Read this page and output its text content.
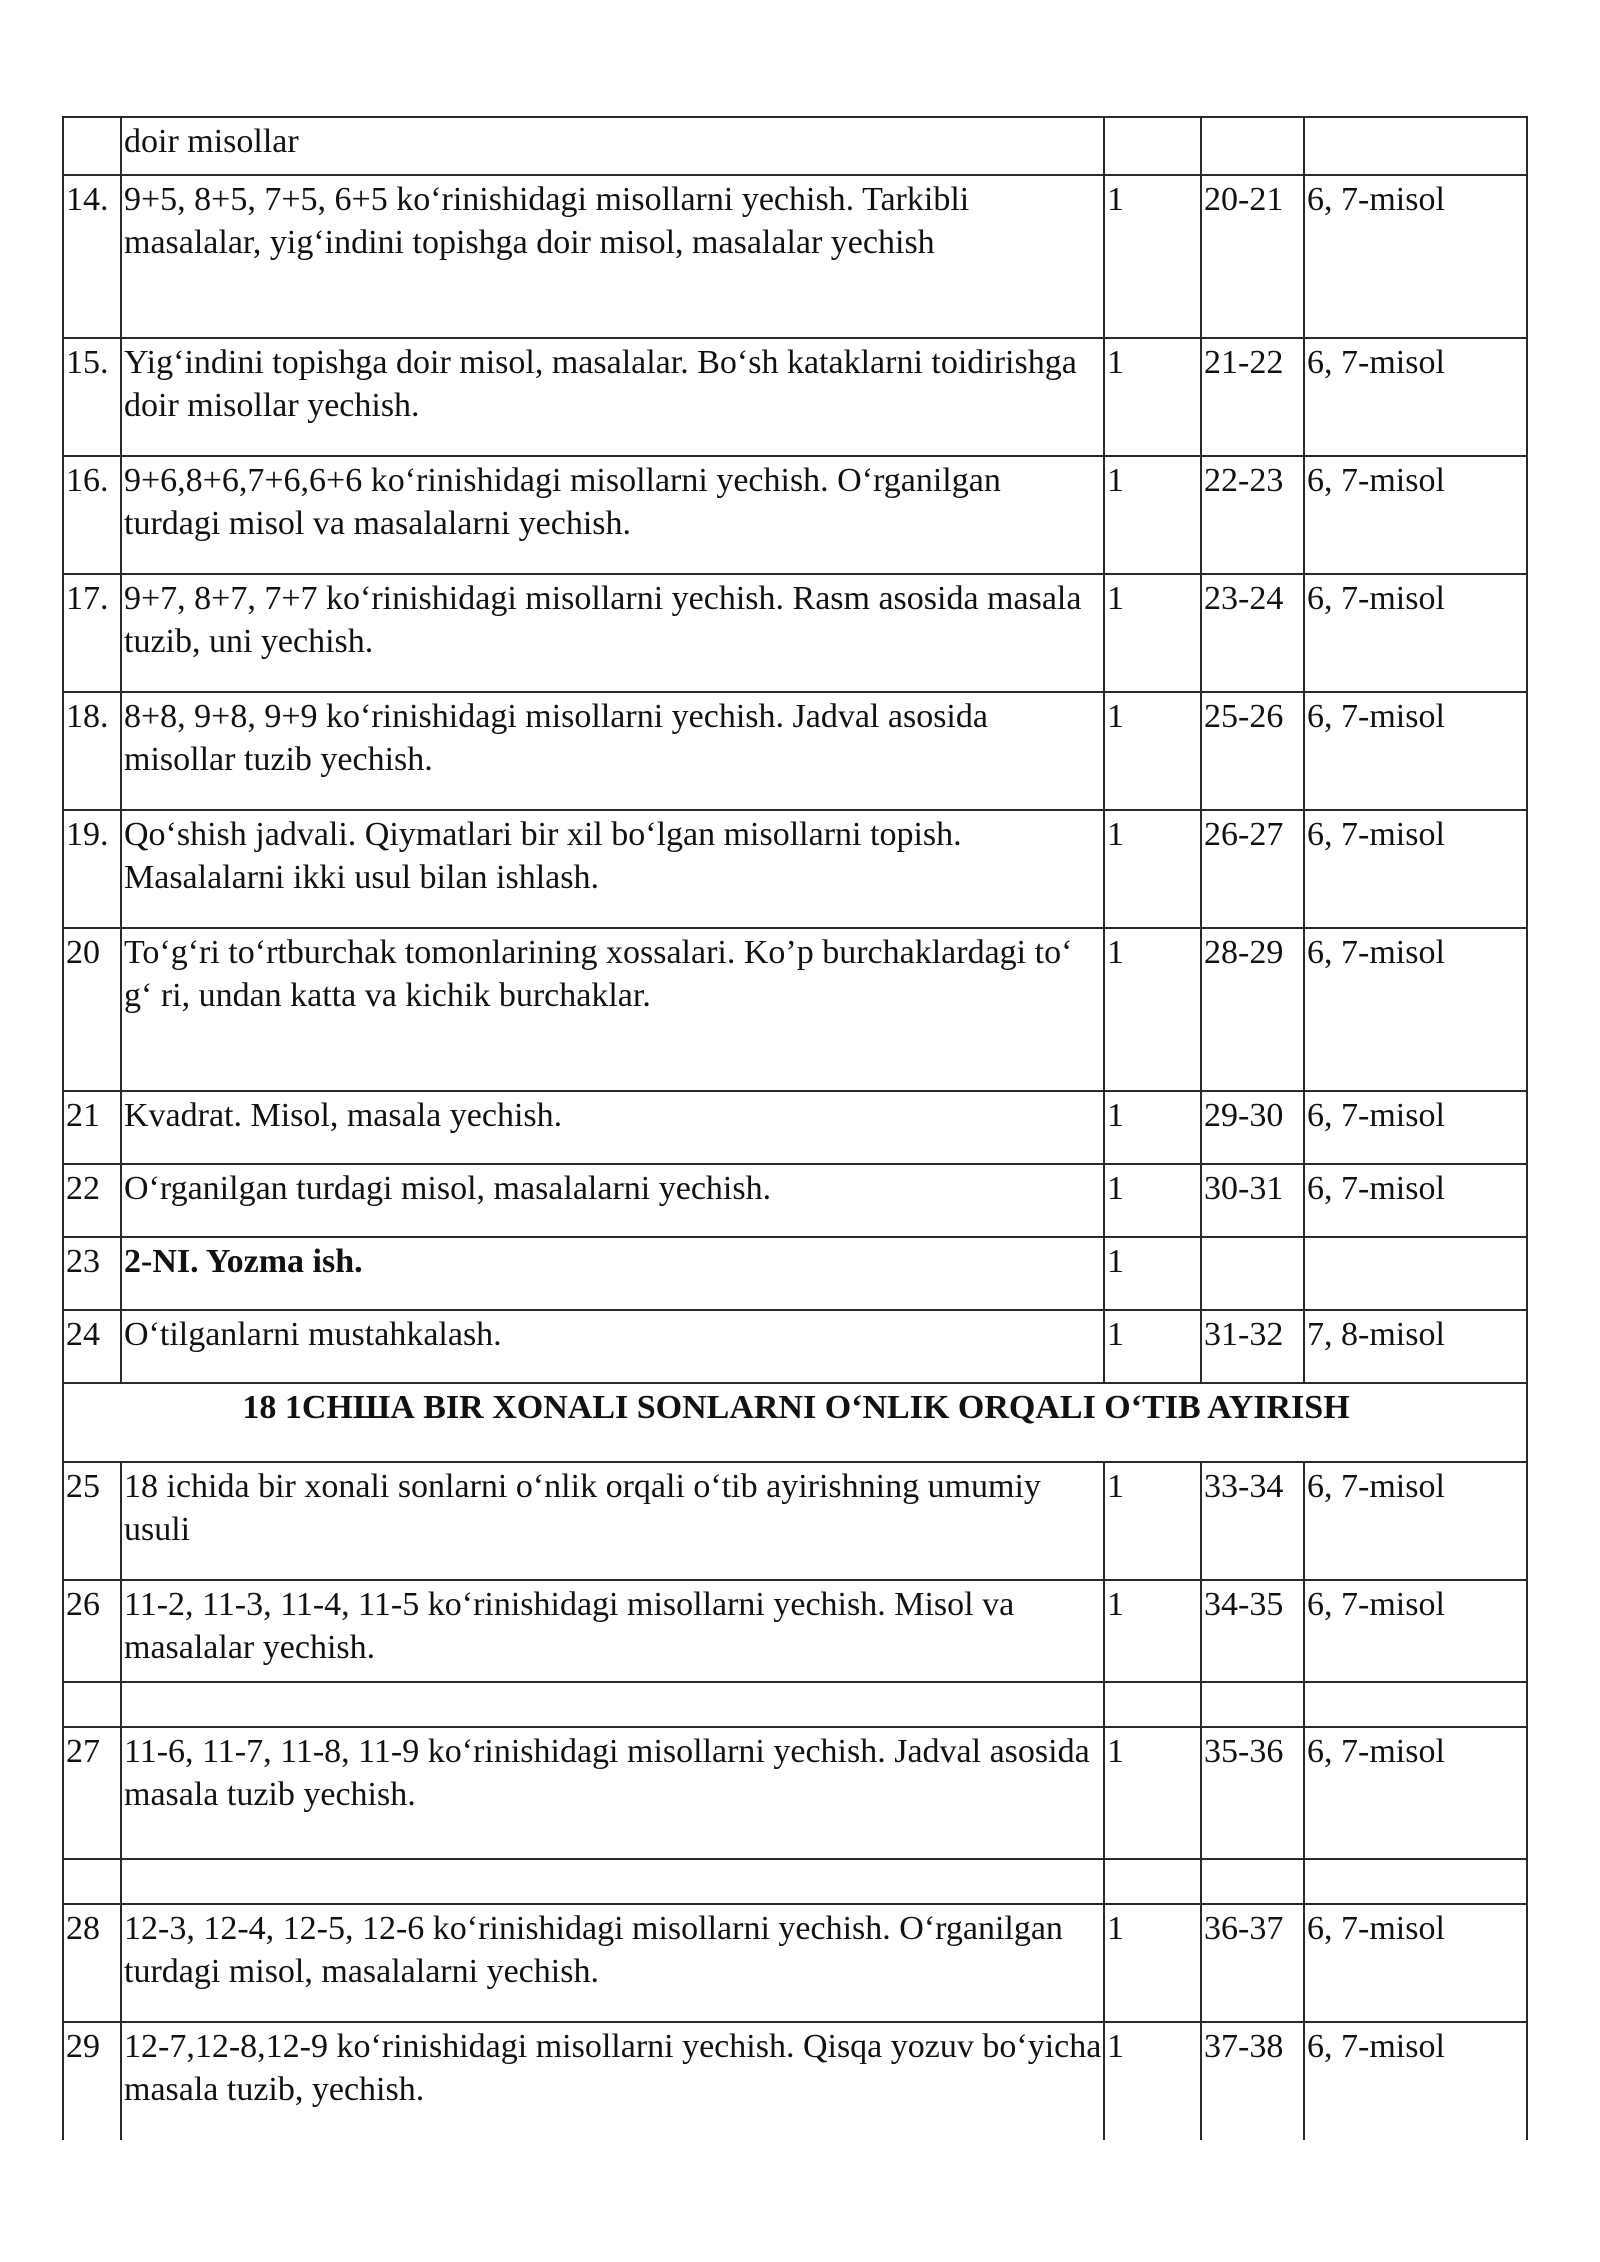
	doir misollar			
14.	9+5, 8+5, 7+5, 6+5 ko‘rinishidagi misollarni yechish. Tarkibli masalalar, yig‘indini topishga doir misol, masalalar yechish	1	20-21	6, 7-misol
15.	Yig‘indini topishga doir misol, masalalar. Bo‘sh kataklarni toidirishga doir misollar yechish.	1	21-22	6, 7-misol
16.	9+6,8+6,7+6,6+6 ko‘rinishidagi misollarni yechish. O‘rganilgan turdagi misol va masalalarni yechish.	1	22-23	6, 7-misol
17.	9+7, 8+7, 7+7 ko‘rinishidagi misollarni yechish. Rasm asosida masala tuzib, uni yechish.	1	23-24	6, 7-misol
18.	8+8, 9+8, 9+9 ko‘rinishidagi misollarni yechish. Jadval asosida misollar tuzib yechish.	1	25-26	6, 7-misol
19.	Qo‘shish jadvali. Qiymatlari bir xil bo‘lgan misollarni topish. Masalalarni ikki usul bilan ishlash.	1	26-27	6, 7-misol
20	To‘g‘ri to‘rtburchak tomonlarining xossalari. Ko’p burchaklardagi to‘ g‘ ri, undan katta va kichik burchaklar.	1	28-29	6, 7-misol
21	Kvadrat. Misol, masala yechish.	1	29-30	6, 7-misol
22	O‘rganilgan turdagi misol, masalalarni yechish.	1	30-31	6, 7-misol
23	2-NI. Yozma ish.	1		
24	O‘tilganlarni mustahkalash.	1	31-32	7, 8-misol
18 1СНША BIR XONALI SONLARNI O‘NLIK ORQALI O‘TIB AYIRISH				
25	18 ichida bir xonali sonlarni o‘nlik orqali o‘tib ayirishning umumiy usuli	1	33-34	6, 7-misol
26	11-2, 11-3, 11-4, 11-5 ko‘rinishidagi misollarni yechish. Misol va masalalar yechish.	1	34-35	6, 7-misol

27	11-6, 11-7, 11-8, 11-9 ko‘rinishidagi misollarni yechish. Jadval asosida masala tuzib yechish.	1	35-36	6, 7-misol

28	12-3, 12-4, 12-5, 12-6 ko‘rinishidagi misollarni yechish. O‘rganilgan turdagi misol, masalalarni yechish.	1	36-37	6, 7-misol
29	12-7,12-8,12-9 ko‘rinishidagi misollarni yechish. Qisqa yozuv bo‘yicha masala tuzib, yechish.	1	37-38	6, 7-misol
